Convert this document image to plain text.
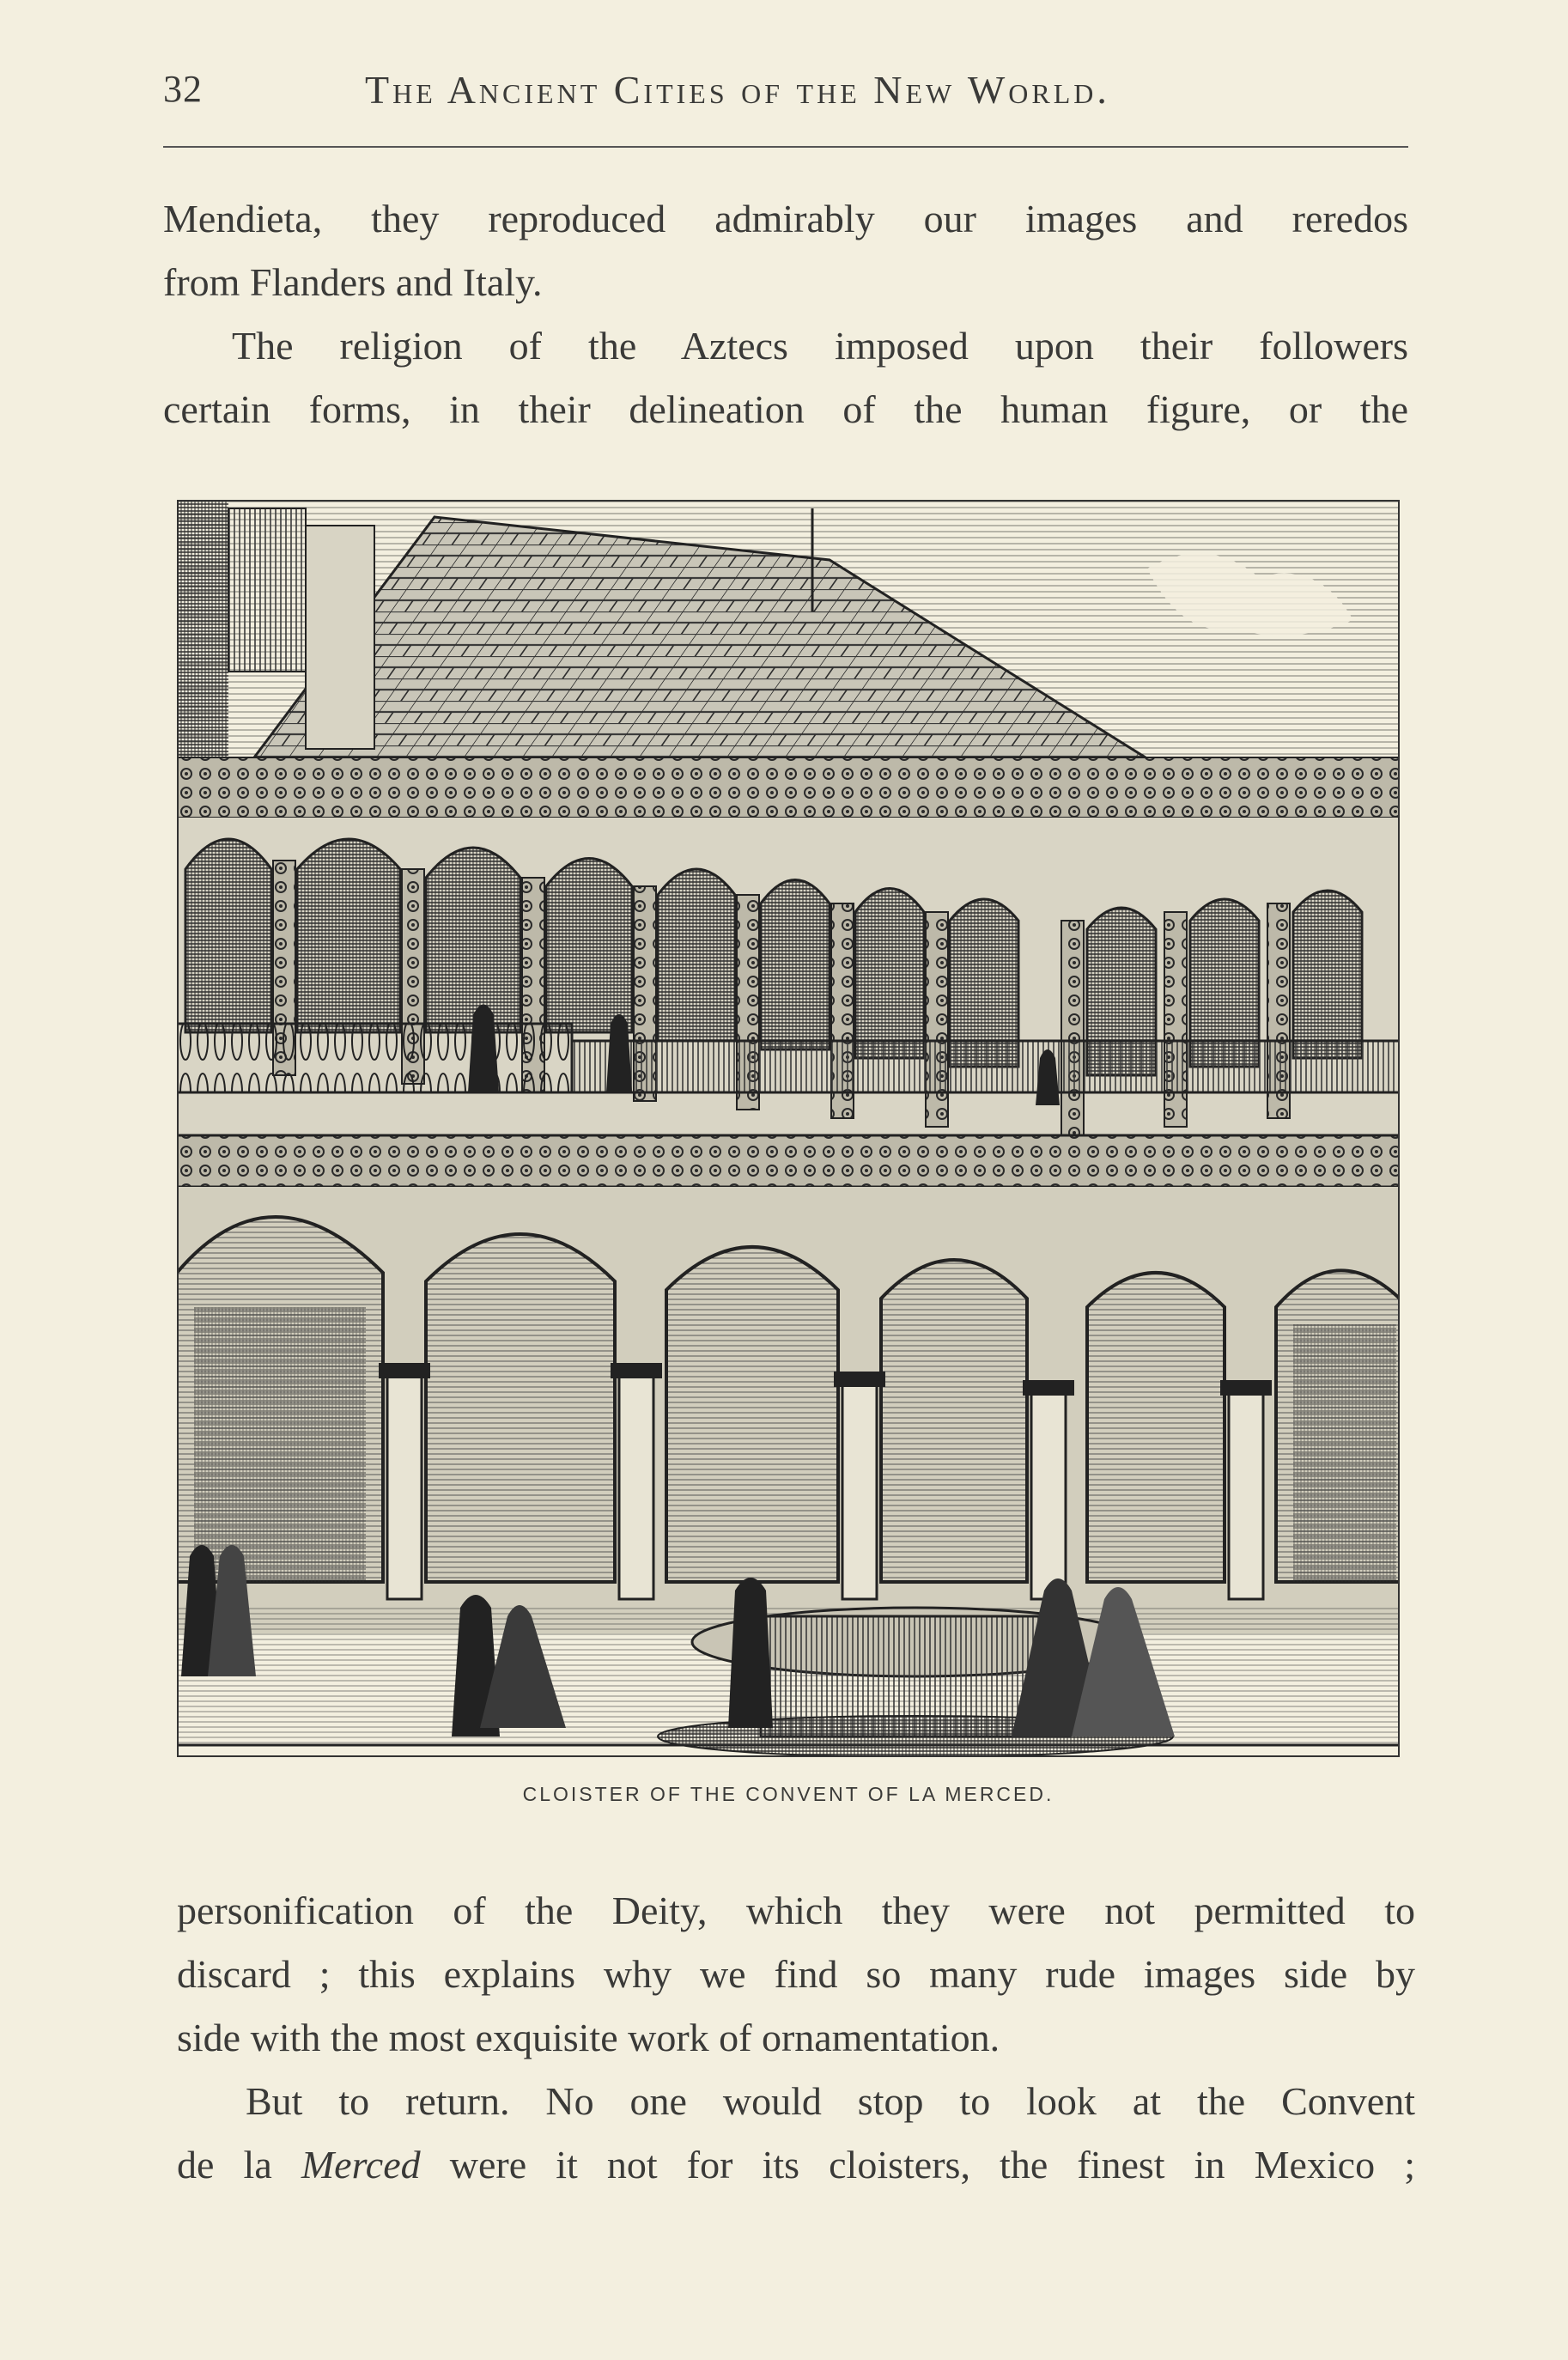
32	The Ancient Cities of the New World.

Mendieta, they reproduced admirably our images and reredos
from Flanders and Italy.

The religion of the Aztecs imposed upon their followers
certain forms, in their delineation of the human figure, or the

CLOISTER OF THE CONVENT OF LA MERCED.

personification of the Deity, which they were not permitted to
discard ; this explains why we find so many rude images side by
side with the most exquisite work of ornamentation.

But to return. No one would stop to look at the Convent
de la Merced were it not for its cloisters, the finest in Mexico ;
